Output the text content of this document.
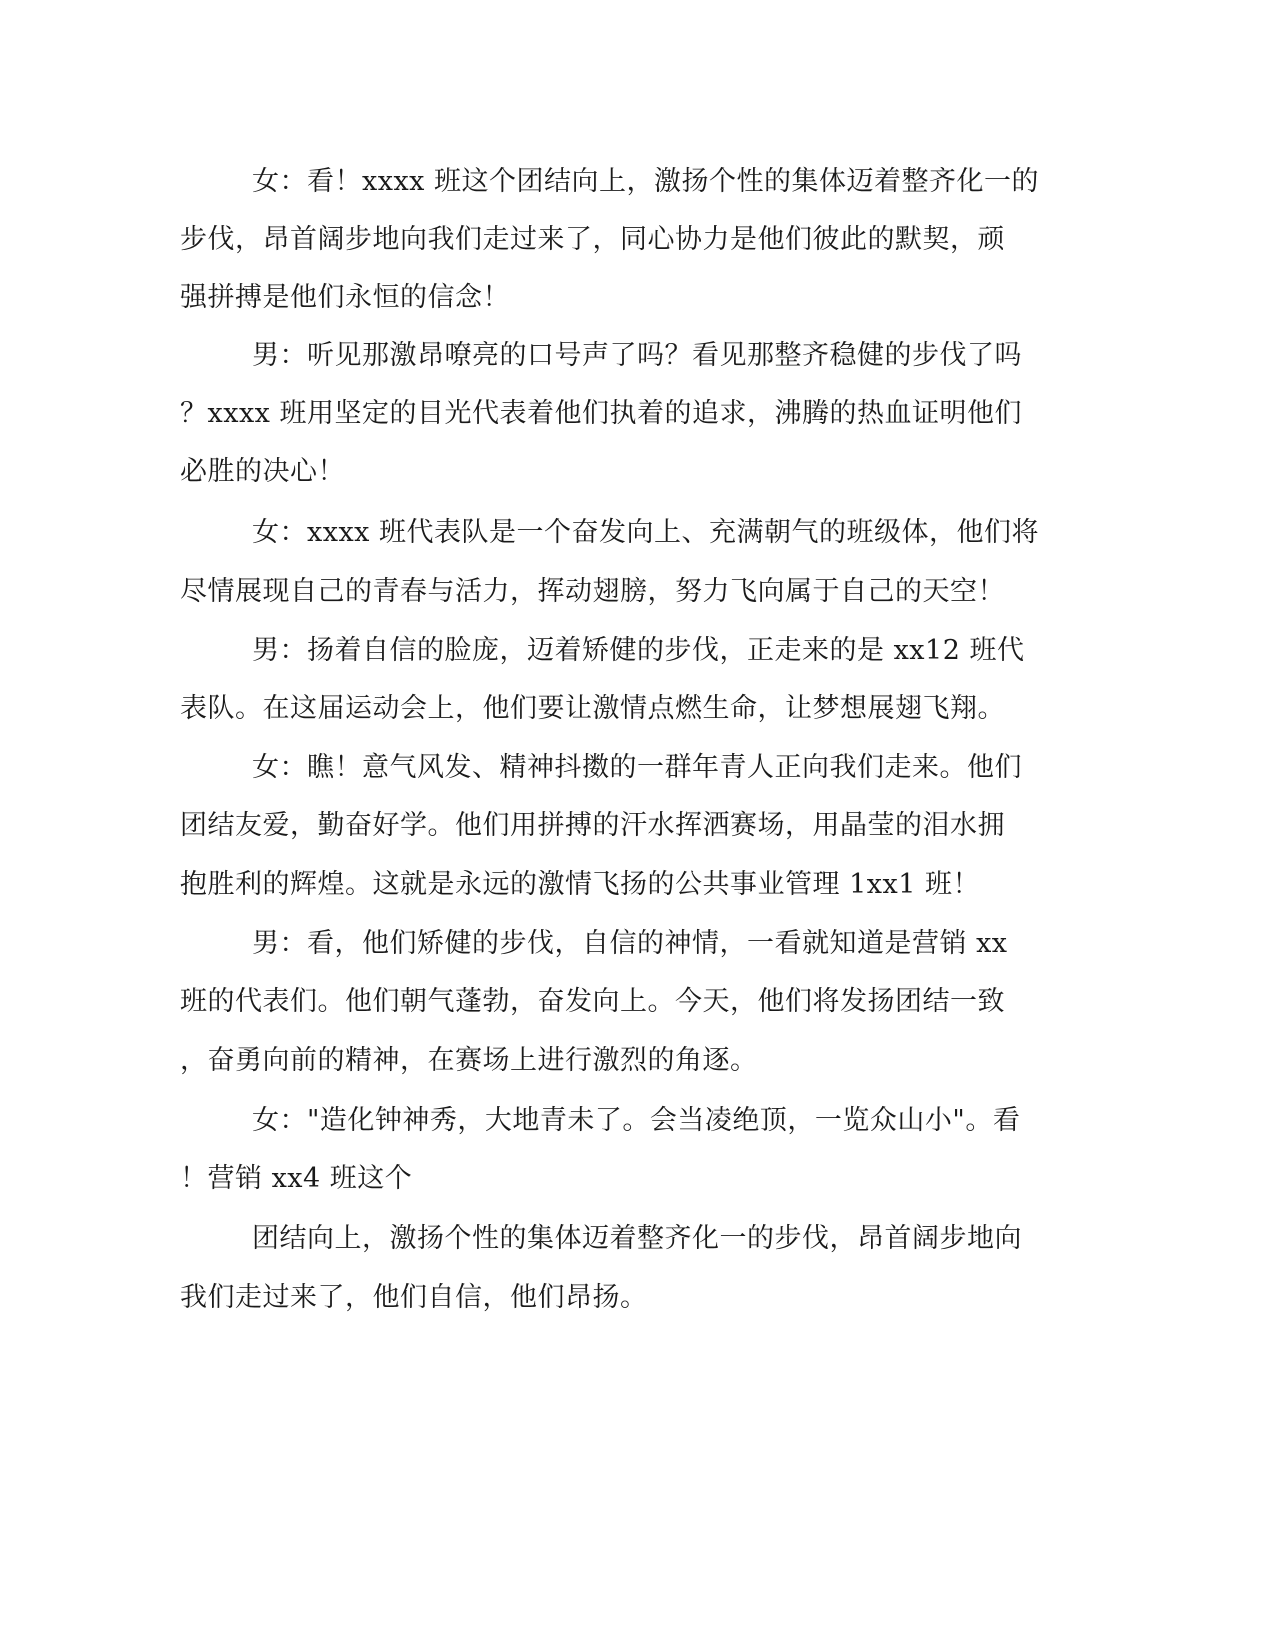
女：看！xxxx 班这个团结向上，激扬个性的集体迈着整齐化一的
步伐，昂首阔步地向我们走过来了，同心协力是他们彼此的默契，顽
强拼搏是他们永恒的信念！
男：听见那激昂嘹亮的口号声了吗？看见那整齐稳健的步伐了吗
？xxxx 班用坚定的目光代表着他们执着的追求，沸腾的热血证明他们
必胜的决心！
女：xxxx 班代表队是一个奋发向上、充满朝气的班级体，他们将
尽情展现自己的青春与活力，挥动翅膀，努力飞向属于自己的天空！
男：扬着自信的脸庞，迈着矫健的步伐，正走来的是 xx12 班代
表队。在这届运动会上，他们要让激情点燃生命，让梦想展翅飞翔。
女：瞧！意气风发、精神抖擞的一群年青人正向我们走来。他们
团结友爱，勤奋好学。他们用拼搏的汗水挥洒赛场，用晶莹的泪水拥
抱胜利的辉煌。这就是永远的激情飞扬的公共事业管理 1xx1 班！
男：看，他们矫健的步伐，自信的神情，一看就知道是营销 xx
班的代表们。他们朝气蓬勃，奋发向上。今天，他们将发扬团结一致
，奋勇向前的精神，在赛场上进行激烈的角逐。
女："造化钟神秀，大地青未了。会当凌绝顶，一览众山小"。看
！营销 xx4 班这个
团结向上，激扬个性的集体迈着整齐化一的步伐，昂首阔步地向
我们走过来了，他们自信，他们昂扬。
